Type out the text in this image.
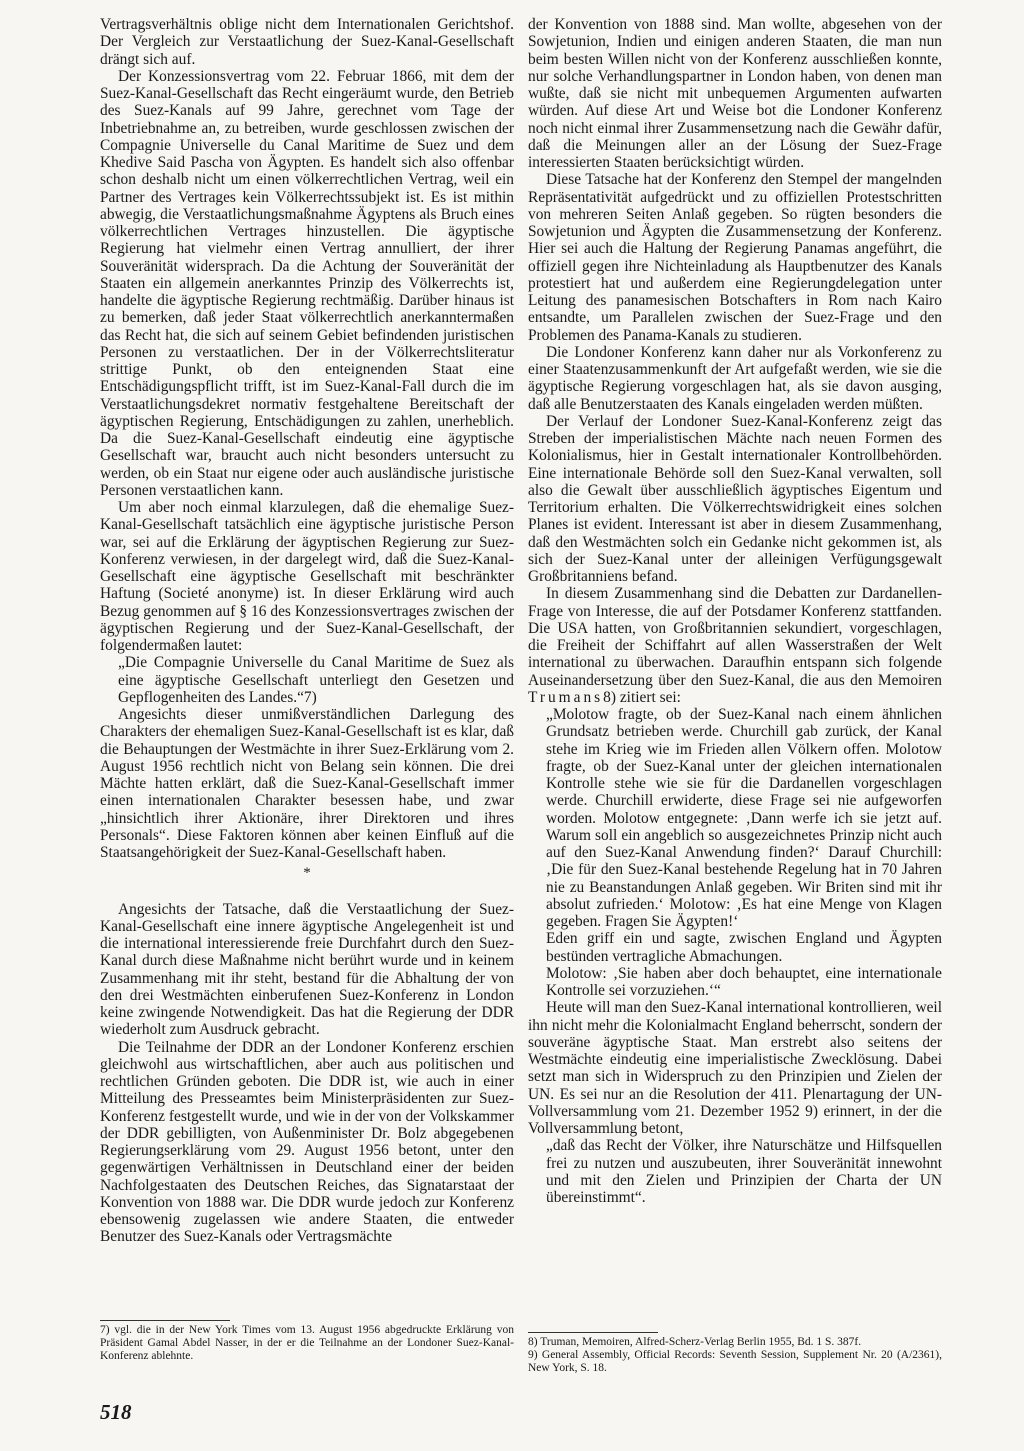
Vertragsverhältnis oblige nicht dem Internationalen Gerichtshof. Der Vergleich zur Verstaatlichung der Suez-Kanal-Gesellschaft drängt sich auf.

Der Konzessionsvertrag vom 22. Februar 1866, mit dem der Suez-Kanal-Gesellschaft das Recht eingeräumt wurde, den Betrieb des Suez-Kanals auf 99 Jahre, gerechnet vom Tage der Inbetriebnahme an, zu betreiben, wurde geschlossen zwischen der Compagnie Universelle du Canal Maritime de Suez und dem Khedive Said Pascha von Ägypten. Es handelt sich also offenbar schon deshalb nicht um einen völkerrechtlichen Vertrag, weil ein Partner des Vertrages kein Völkerrechtssubjekt ist. Es ist mithin abwegig, die Verstaatlichungsmaßnahme Ägyptens als Bruch eines völkerrechtlichen Vertrages hinzustellen. Die ägyptische Regierung hat vielmehr einen Vertrag annulliert, der ihrer Souveränität widersprach. Da die Achtung der Souveränität der Staaten ein allgemein anerkanntes Prinzip des Völkerrechts ist, handelte die ägyptische Regierung rechtmäßig. Darüber hinaus ist zu bemerken, daß jeder Staat völkerrechtlich anerkanntermaßen das Recht hat, die sich auf seinem Gebiet befindenden juristischen Personen zu verstaatlichen. Der in der Völkerrechtsliteratur strittige Punkt, ob den enteignenden Staat eine Entschädigungspflicht trifft, ist im Suez-Kanal-Fall durch die im Verstaatlichungsdekret normativ festgehaltene Bereitschaft der ägyptischen Regierung, Entschädigungen zu zahlen, unerheblich. Da die Suez-Kanal-Gesellschaft eindeutig eine ägyptische Gesellschaft war, braucht auch nicht besonders untersucht zu werden, ob ein Staat nur eigene oder auch ausländische juristische Personen verstaatlichen kann.

Um aber noch einmal klarzulegen, daß die ehemalige Suez-Kanal-Gesellschaft tatsächlich eine ägyptische juristische Person war, sei auf die Erklärung der ägyptischen Regierung zur Suez-Konferenz verwiesen, in der dargelegt wird, daß die Suez-Kanal-Gesellschaft eine ägyptische Gesellschaft mit beschränkter Haftung (Societé anonyme) ist. In dieser Erklärung wird auch Bezug genommen auf § 16 des Konzessionsvertrages zwischen der ägyptischen Regierung und der Suez-Kanal-Gesellschaft, der folgendermaßen lautet:

„Die Compagnie Universelle du Canal Maritime de Suez als eine ägyptische Gesellschaft unterliegt den Gesetzen und Gepflogenheiten des Landes.“7)

Angesichts dieser unmißverständlichen Darlegung des Charakters der ehemaligen Suez-Kanal-Gesellschaft ist es klar, daß die Behauptungen der Westmächte in ihrer Suez-Erklärung vom 2. August 1956 rechtlich nicht von Belang sein können. Die drei Mächte hatten erklärt, daß die Suez-Kanal-Gesellschaft immer einen internationalen Charakter besessen habe, und zwar „hinsichtlich ihrer Aktionäre, ihrer Direktoren und ihres Personals“. Diese Faktoren können aber keinen Einfluß auf die Staatsangehörigkeit der Suez-Kanal-Gesellschaft haben.

*

Angesichts der Tatsache, daß die Verstaatlichung der Suez-Kanal-Gesellschaft eine innere ägyptische Angelegenheit ist und die international interessierende freie Durchfahrt durch den Suez-Kanal durch diese Maßnahme nicht berührt wurde und in keinem Zusammenhang mit ihr steht, bestand für die Abhaltung der von den drei Westmächten einberufenen Suez-Konferenz in London keine zwingende Notwendigkeit. Das hat die Regierung der DDR wiederholt zum Ausdruck gebracht.

Die Teilnahme der DDR an der Londoner Konferenz erschien gleichwohl aus wirtschaftlichen, aber auch aus politischen und rechtlichen Gründen geboten. Die DDR ist, wie auch in einer Mitteilung des Presseamtes beim Ministerpräsidenten zur Suez-Konferenz festgestellt wurde, und wie in der von der Volkskammer der DDR gebilligten, von Außenminister Dr. Bolz abgegebenen Regierungserklärung vom 29. August 1956 betont, unter den gegenwärtigen Verhältnissen in Deutschland einer der beiden Nachfolgestaaten des Deutschen Reiches, das Signatarstaat der Konvention von 1888 war. Die DDR wurde jedoch zur Konferenz ebensowenig zugelassen wie andere Staaten, die entweder Benutzer des Suez-Kanals oder Vertragsmächte

der Konvention von 1888 sind. Man wollte, abgesehen von der Sowjetunion, Indien und einigen anderen Staaten, die man nun beim besten Willen nicht von der Konferenz ausschließen konnte, nur solche Verhandlungspartner in London haben, von denen man wußte, daß sie nicht mit unbequemen Argumenten aufwarten würden. Auf diese Art und Weise bot die Londoner Konferenz noch nicht einmal ihrer Zusammensetzung nach die Gewähr dafür, daß die Meinungen aller an der Lösung der Suez-Frage interessierten Staaten berücksichtigt würden.

Diese Tatsache hat der Konferenz den Stempel der mangelnden Repräsentativität aufgedrückt und zu offiziellen Protestschritten von mehreren Seiten Anlaß gegeben. So rügten besonders die Sowjetunion und Ägypten die Zusammensetzung der Konferenz. Hier sei auch die Haltung der Regierung Panamas angeführt, die offiziell gegen ihre Nichteinladung als Hauptbenutzer des Kanals protestiert hat und außerdem eine Regierungdelegation unter Leitung des panamesischen Botschafters in Rom nach Kairo entsandte, um Parallelen zwischen der Suez-Frage und den Problemen des Panama-Kanals zu studieren.

Die Londoner Konferenz kann daher nur als Vorkonferenz zu einer Staatenzusammenkunft der Art aufgefaßt werden, wie sie die ägyptische Regierung vorgeschlagen hat, als sie davon ausging, daß alle Benutzerstaaten des Kanals eingeladen werden müßten.

Der Verlauf der Londoner Suez-Kanal-Konferenz zeigt das Streben der imperialistischen Mächte nach neuen Formen des Kolonialismus, hier in Gestalt internationaler Kontrollbehörden. Eine internationale Behörde soll den Suez-Kanal verwalten, soll also die Gewalt über ausschließlich ägyptisches Eigentum und Territorium erhalten. Die Völkerrechtswidrigkeit eines solchen Planes ist evident. Interessant ist aber in diesem Zusammenhang, daß den Westmächten solch ein Gedanke nicht gekommen ist, als sich der Suez-Kanal unter der alleinigen Verfügungsgewalt Großbritanniens befand.

In diesem Zusammenhang sind die Debatten zur Dardanellen-Frage von Interesse, die auf der Potsdamer Konferenz stattfanden. Die USA hatten, von Großbritannien sekundiert, vorgeschlagen, die Freiheit der Schiffahrt auf allen Wasserstraßen der Welt international zu überwachen. Daraufhin entspann sich folgende Auseinandersetzung über den Suez-Kanal, die aus den Memoiren Trumans8) zitiert sei:

„Molotow fragte, ob der Suez-Kanal nach einem ähnlichen Grundsatz betrieben werde. Churchill gab zurück, der Kanal stehe im Krieg wie im Frieden allen Völkern offen. Molotow fragte, ob der Suez-Kanal unter der gleichen internationalen Kontrolle stehe wie sie für die Dardanellen vorgeschlagen werde. Churchill erwiderte, diese Frage sei nie aufgeworfen worden. Molotow entgegnete: ‚Dann werfe ich sie jetzt auf. Warum soll ein angeblich so ausgezeichnetes Prinzip nicht auch auf den Suez-Kanal Anwendung finden?‘ Darauf Churchill: ‚Die für den Suez-Kanal bestehende Regelung hat in 70 Jahren nie zu Beanstandungen Anlaß gegeben. Wir Briten sind mit ihr absolut zufrieden.‘ Molotow: ‚Es hat eine Menge von Klagen gegeben. Fragen Sie Ägypten!‘

Eden griff ein und sagte, zwischen England und Ägypten bestünden vertragliche Abmachungen.

Molotow: ‚Sie haben aber doch behauptet, eine internationale Kontrolle sei vorzuziehen.‘“

Heute will man den Suez-Kanal international kontrollieren, weil ihn nicht mehr die Kolonialmacht England beherrscht, sondern der souveräne ägyptische Staat. Man erstrebt also seitens der Westmächte eindeutig eine imperialistische Zwecklösung. Dabei setzt man sich in Widerspruch zu den Prinzipien und Zielen der UN. Es sei nur an die Resolution der 411. Plenartagung der UN-Vollversammlung vom 21. Dezember 1952 9) erinnert, in der die Vollversammlung betont,

„daß das Recht der Völker, ihre Naturschätze und Hilfsquellen frei zu nutzen und auszubeuten, ihrer Souveränität innewohnt und mit den Zielen und Prinzipien der Charta der UN übereinstimmt“.

7) vgl. die in der New York Times vom 13. August 1956 abgedruckte Erklärung von Präsident Gamal Abdel Nasser, in der er die Teilnahme an der Londoner Suez-Kanal-Konferenz ablehnte.

8) Truman, Memoiren, Alfred-Scherz-Verlag Berlin 1955, Bd. 1 S. 387f.

9) General Assembly, Official Records: Seventh Session, Supplement Nr. 20 (A/2361), New York, S. 18.

518
